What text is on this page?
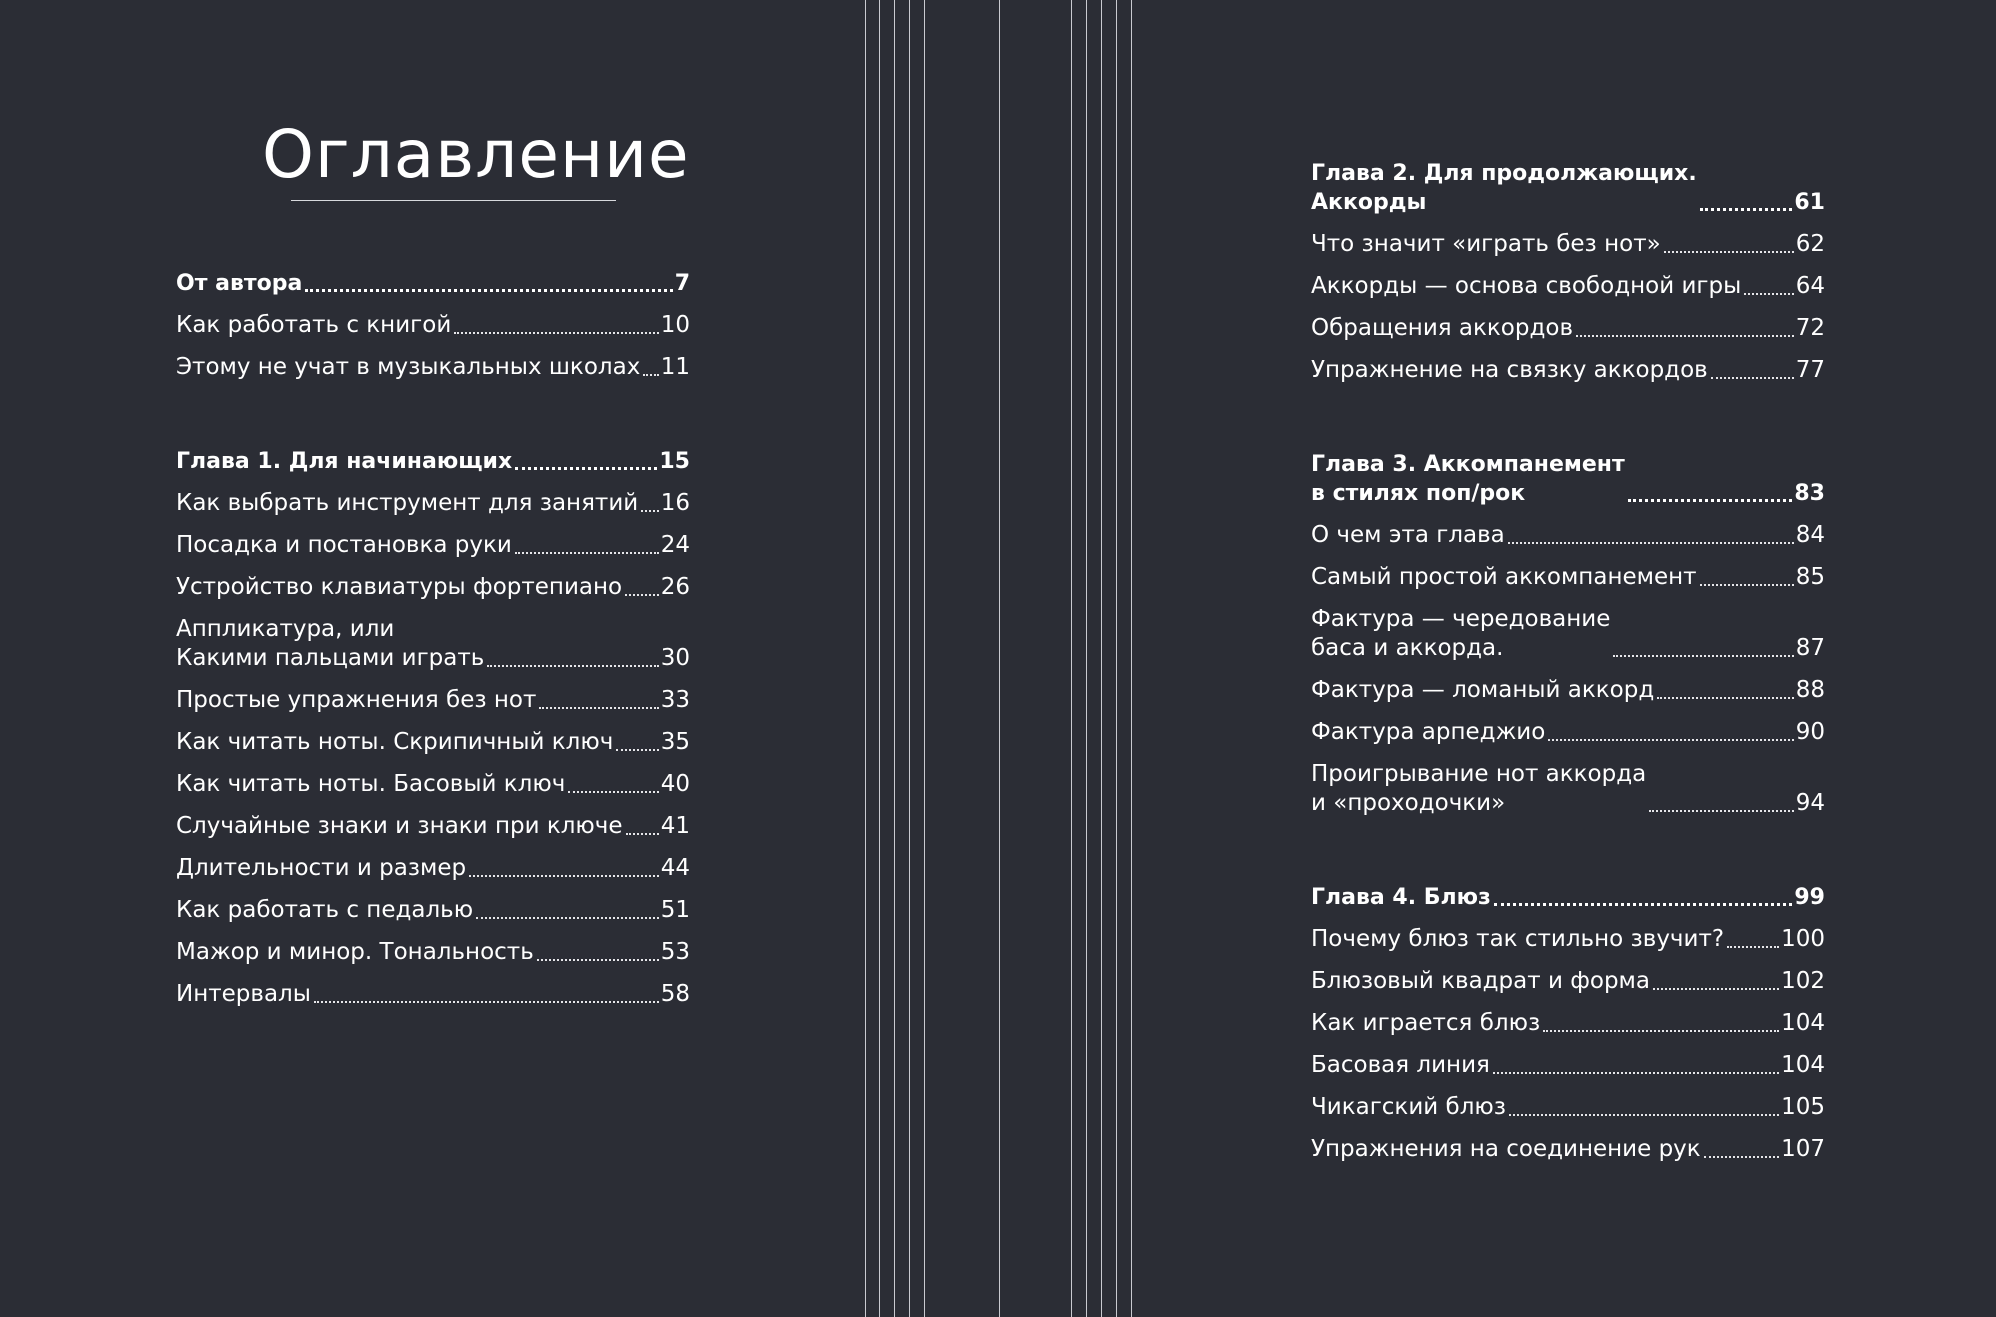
Оглавление
От автора	7
Как работать с книгой	10
Этому не учат в музыкальных школах 11
Глава 1. Для начинающих	15
Как выбрать инструмент для занятий 16
Посадка и постановка руки	24
Устройство клавиатуры фортепиано 26
Аппликатура, или
Какими пальцами играть	30
Простые упражнения без нот	33
Как читать ноты. Скрипичный ключ 35
Как читать ноты. Басовый ключ	40
Случайные знаки и знаки при ключе 41
Длительности и размер	44
Как работать с педалью	51
Мажор и минор. Тональность	53
Интервалы	58
Глава 2. Для продолжающих.
Аккорды	61
Что значит «играть без нот»	62
Аккорды — основа свободной игры 64
Обращения аккордов	72
Упражнение на связку аккордов	77
Глава 3. Аккомпанемент
в стилях поп/рок	83
О чем эта глава	84
Самый простой аккомпанемент	85
Фактура — чередование
баса и аккорда.	87
Фактура — ломаный аккорд	88
Фактура арпеджио	90
Проигрывание нот аккорда
и «проходочки»	94
Глава 4. Блюз	99
Почему блюз так стильно звучит? 100
Блюзовый квадрат и форма	102
Как играется блюз	104
Басовая линия	104
Чикагский блюз	105
Упражнения на соединение рук	107
